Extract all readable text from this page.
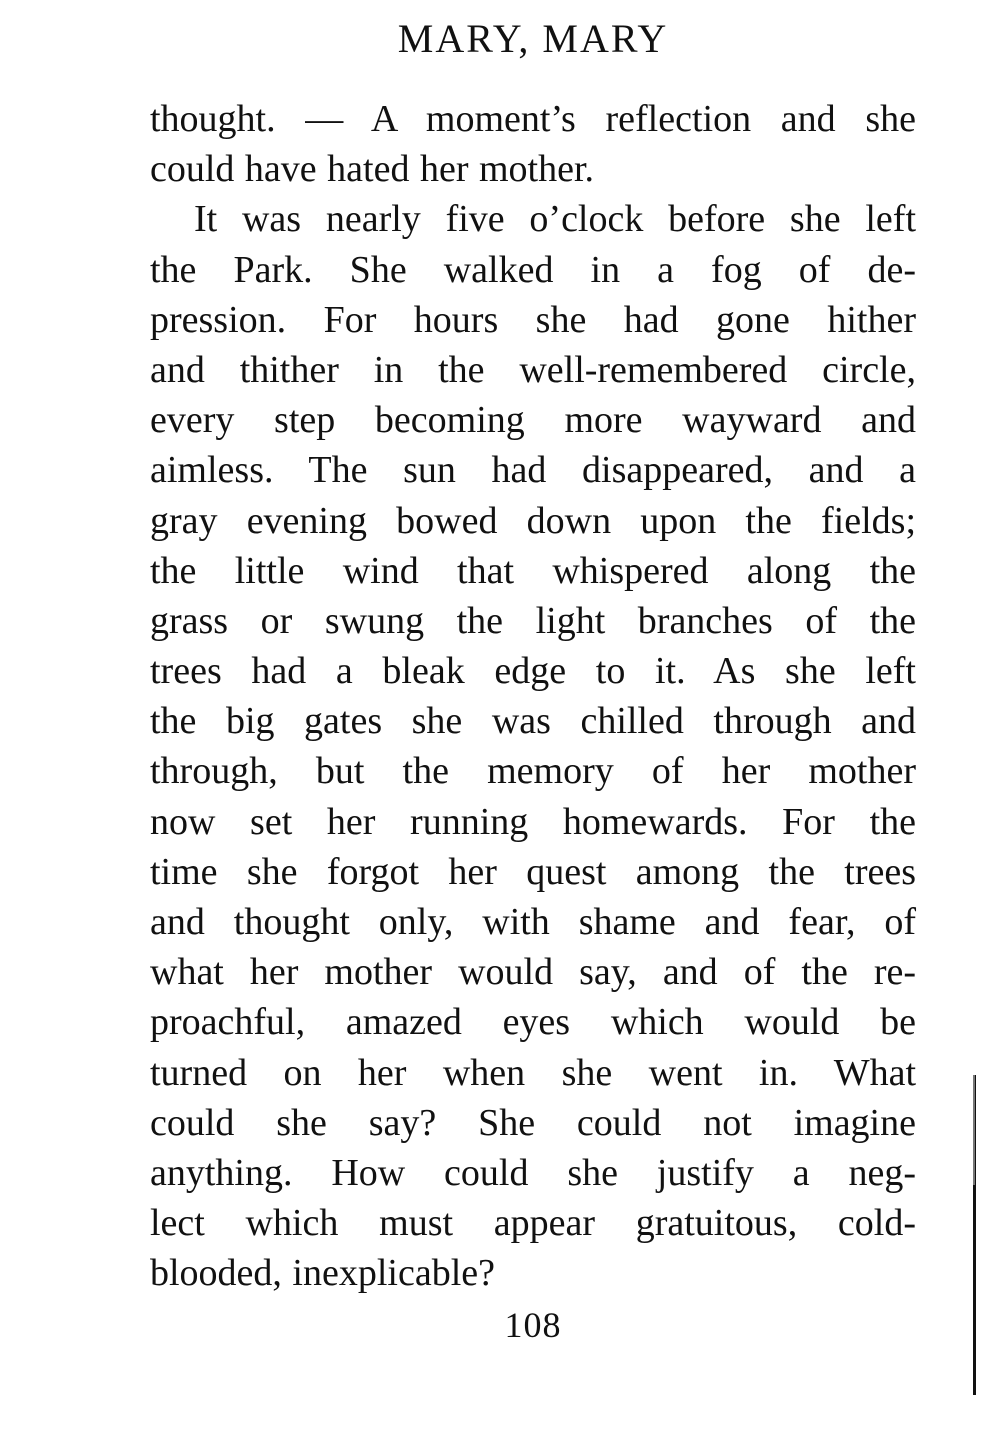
MARY, MARY
thought. — A moment’s reflection and she
could have hated her mother.
It was nearly five o’clock before she left
the Park. She walked in a fog of de-
pression. For hours she had gone hither
and thither in the well-remembered circle,
every step becoming more wayward and
aimless. The sun had disappeared, and a
gray evening bowed down upon the fields;
the little wind that whispered along the
grass or swung the light branches of the
trees had a bleak edge to it. As she left
the big gates she was chilled through and
through, but the memory of her mother
now set her running homewards. For the
time she forgot her quest among the trees
and thought only, with shame and fear, of
what her mother would say, and of the re-
proachful, amazed eyes which would be
turned on her when she went in. What
could she say? She could not imagine
anything. How could she justify a neg-
lect which must appear gratuitous, cold-
blooded, inexplicable?
108
